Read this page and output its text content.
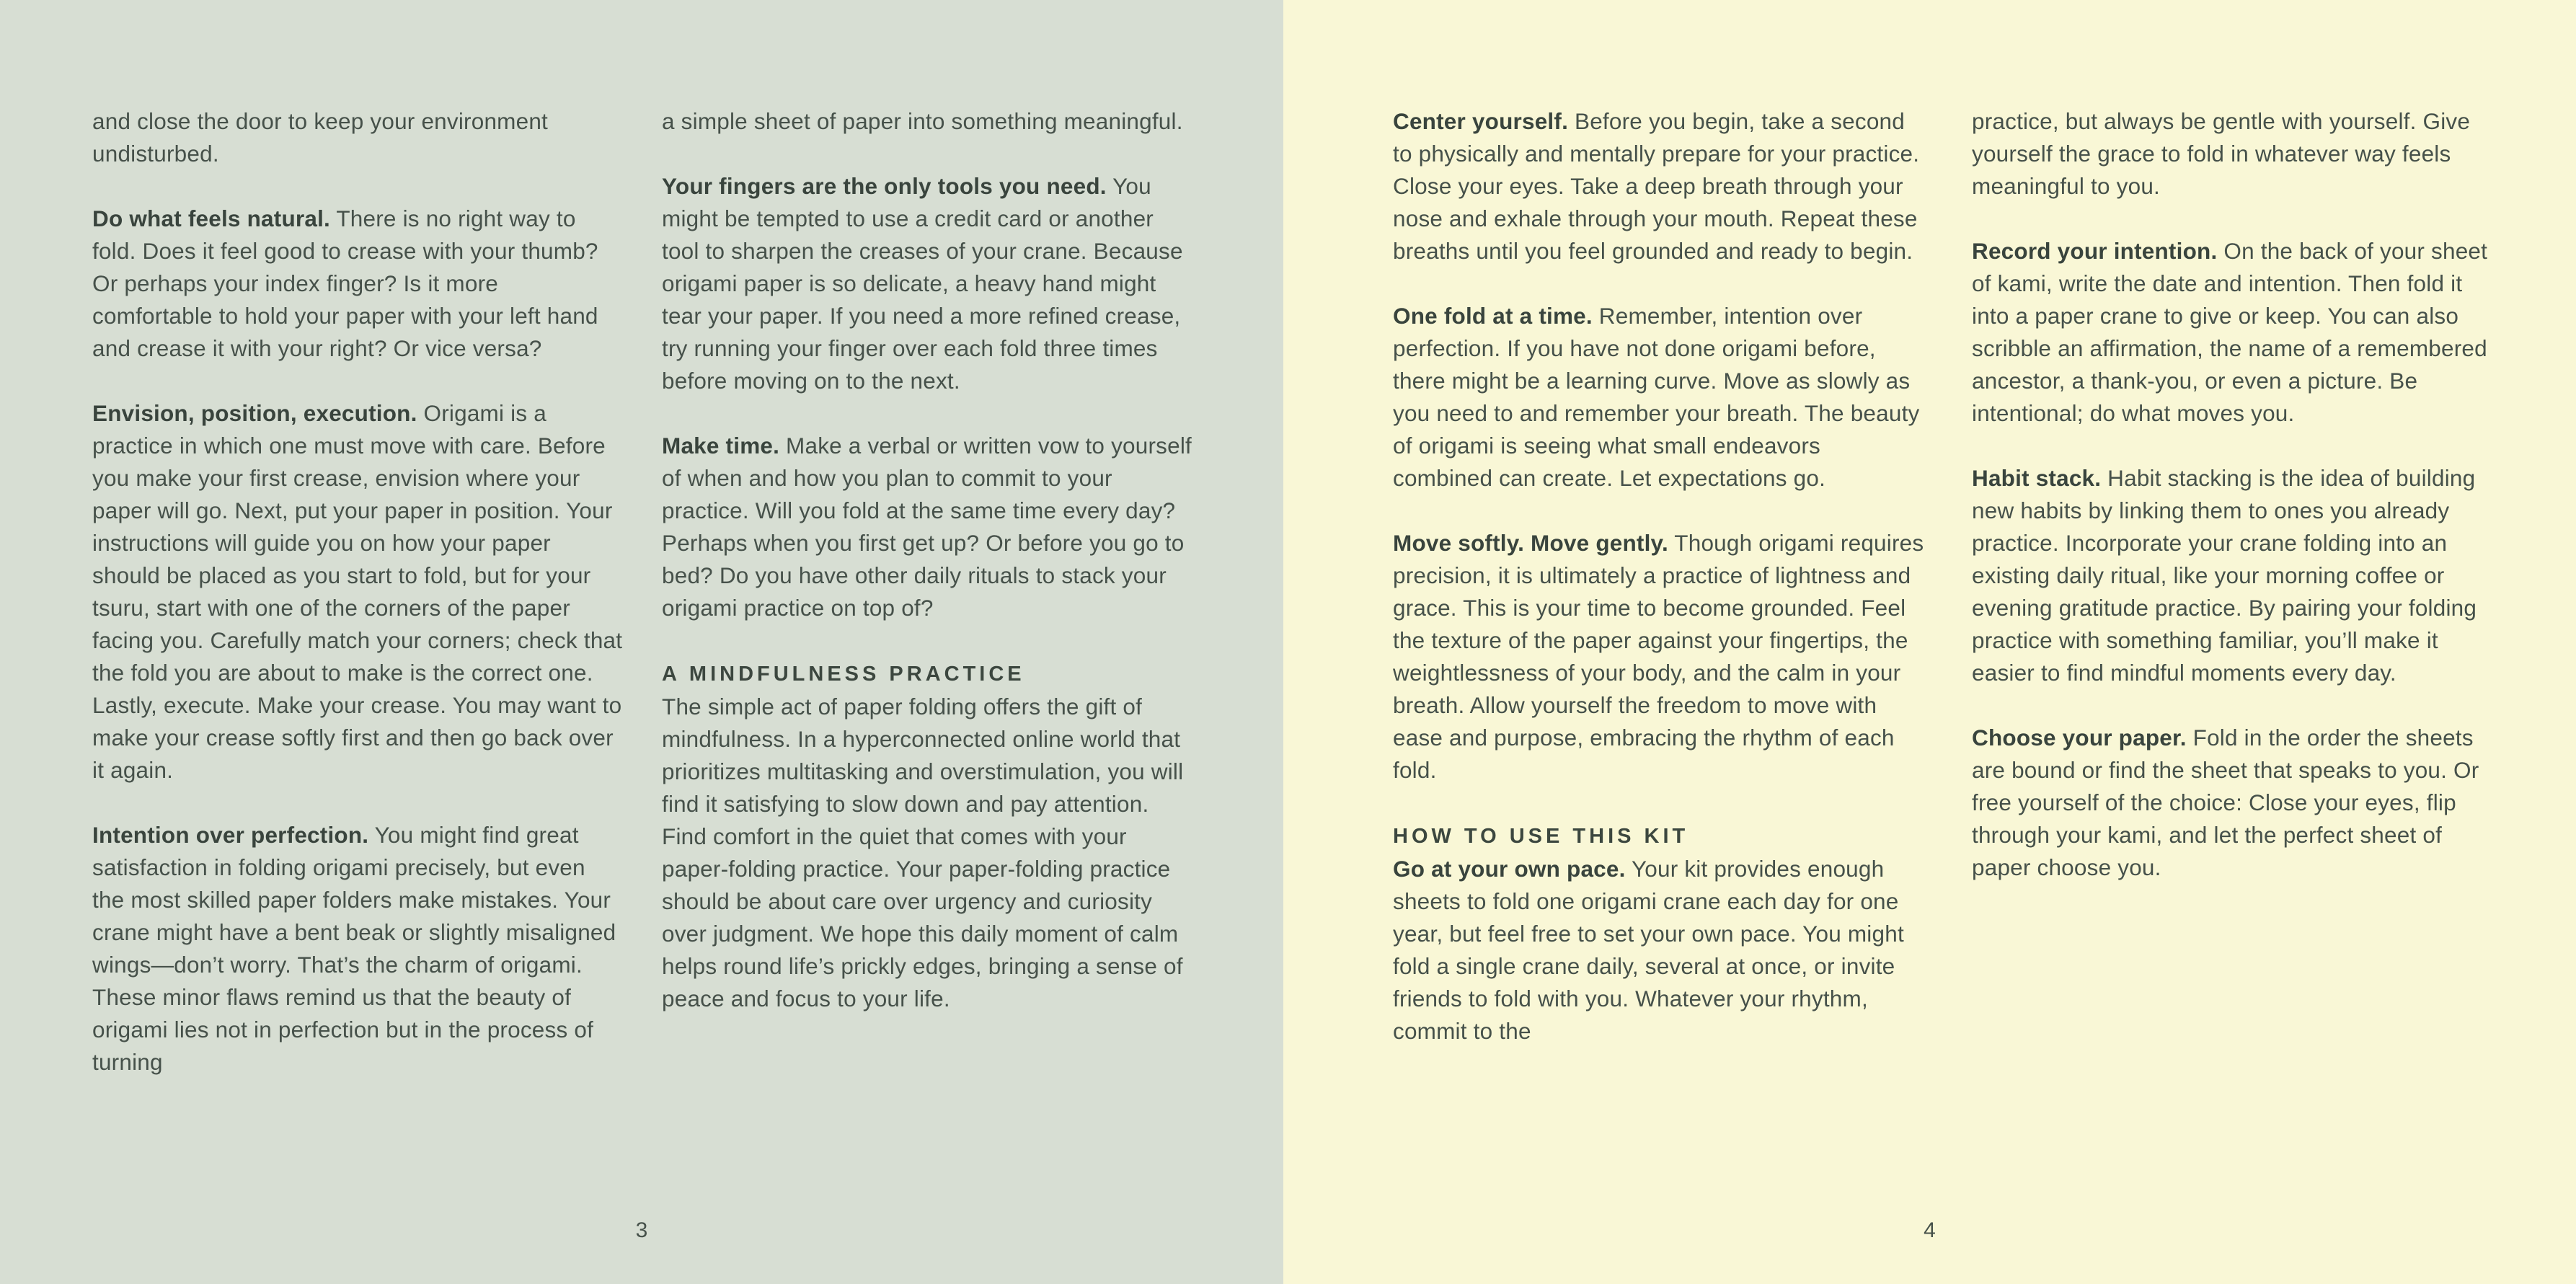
and close the door to keep your environment undisturbed.

Do what feels natural. There is no right way to fold. Does it feel good to crease with your thumb? Or perhaps your index finger? Is it more comfortable to hold your paper with your left hand and crease it with your right? Or vice versa?

Envision, position, execution. Origami is a practice in which one must move with care. Before you make your first crease, envision where your paper will go. Next, put your paper in position. Your instructions will guide you on how your paper should be placed as you start to fold, but for your tsuru, start with one of the corners of the paper facing you. Carefully match your corners; check that the fold you are about to make is the correct one. Lastly, execute. Make your crease. You may want to make your crease softly first and then go back over it again.

Intention over perfection. You might find great satisfaction in folding origami precisely, but even the most skilled paper folders make mistakes. Your crane might have a bent beak or slightly misaligned wings—don’t worry. That’s the charm of origami. These minor flaws remind us that the beauty of origami lies not in perfection but in the process of turning

a simple sheet of paper into something meaningful.

Your fingers are the only tools you need. You might be tempted to use a credit card or another tool to sharpen the creases of your crane. Because origami paper is so delicate, a heavy hand might tear your paper. If you need a more refined crease, try running your finger over each fold three times before moving on to the next.

Make time. Make a verbal or written vow to yourself of when and how you plan to commit to your practice. Will you fold at the same time every day? Perhaps when you first get up? Or before you go to bed? Do you have other daily rituals to stack your origami practice on top of?

A MINDFULNESS PRACTICE
The simple act of paper folding offers the gift of mindfulness. In a hyperconnected online world that prioritizes multitasking and overstimulation, you will find it satisfying to slow down and pay attention. Find comfort in the quiet that comes with your paper-folding practice. Your paper-folding practice should be about care over urgency and curiosity over judgment. We hope this daily moment of calm helps round life’s prickly edges, bringing a sense of peace and focus to your life.

3

Center yourself. Before you begin, take a second to physically and mentally prepare for your practice. Close your eyes. Take a deep breath through your nose and exhale through your mouth. Repeat these breaths until you feel grounded and ready to begin.

One fold at a time. Remember, intention over perfection. If you have not done origami before, there might be a learning curve. Move as slowly as you need to and remember your breath. The beauty of origami is seeing what small endeavors combined can create. Let expectations go.

Move softly. Move gently. Though origami requires precision, it is ultimately a practice of lightness and grace. This is your time to become grounded. Feel the texture of the paper against your fingertips, the weightlessness of your body, and the calm in your breath. Allow yourself the freedom to move with ease and purpose, embracing the rhythm of each fold.

HOW TO USE THIS KIT
Go at your own pace. Your kit provides enough sheets to fold one origami crane each day for one year, but feel free to set your own pace. You might fold a single crane daily, several at once, or invite friends to fold with you. Whatever your rhythm, commit to the

practice, but always be gentle with yourself. Give yourself the grace to fold in whatever way feels meaningful to you.

Record your intention. On the back of your sheet of kami, write the date and intention. Then fold it into a paper crane to give or keep. You can also scribble an affirmation, the name of a remembered ancestor, a thank-you, or even a picture. Be intentional; do what moves you.

Habit stack. Habit stacking is the idea of building new habits by linking them to ones you already practice. Incorporate your crane folding into an existing daily ritual, like your morning coffee or evening gratitude practice. By pairing your folding practice with something familiar, you’ll make it easier to find mindful moments every day.

Choose your paper. Fold in the order the sheets are bound or find the sheet that speaks to you. Or free yourself of the choice: Close your eyes, flip through your kami, and let the perfect sheet of paper choose you.

4
